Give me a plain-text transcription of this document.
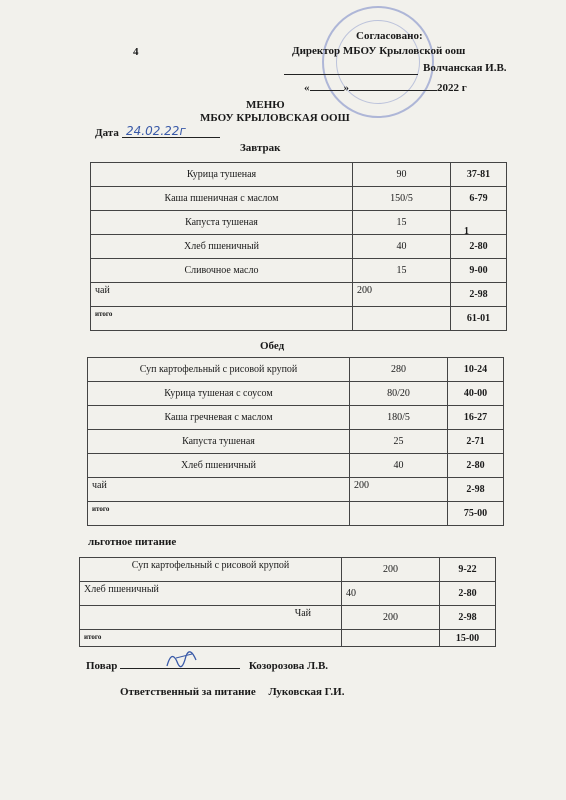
4
Согласовано:
Директор МБОУ Крыловской оош
Волчанская И.В.
«	»	2022 г
МЕНЮ
МБОУ КРЫЛОВСКАЯ ООШ
Дата 24.02.22г
Завтрак
Курица тушеная	90	37-81
Каша пшеничная с маслом	150/5	6-79
Капуста тушеная	15	
Хлеб пшеничный	40	2-80
Сливочное масло	15	9-00
чай	200	2-98
итого		61-01
1
Обед
Суп картофельный с рисовой крупой	280	10-24
Курица тушеная с соусом	80/20	40-00
Каша гречневая с маслом	180/5	16-27
Капуста тушеная	25	2-71
Хлеб пшеничный	40	2-80
чай	200	2-98
итого		75-00
льготное питание
Суп картофельный с рисовой крупой	200	9-22
Хлеб пшеничный	40	2-80
Чай	200	2-98
итого		15-00
Повар	Козорозова Л.В.
Ответственный за питание Луковская Г.И.
